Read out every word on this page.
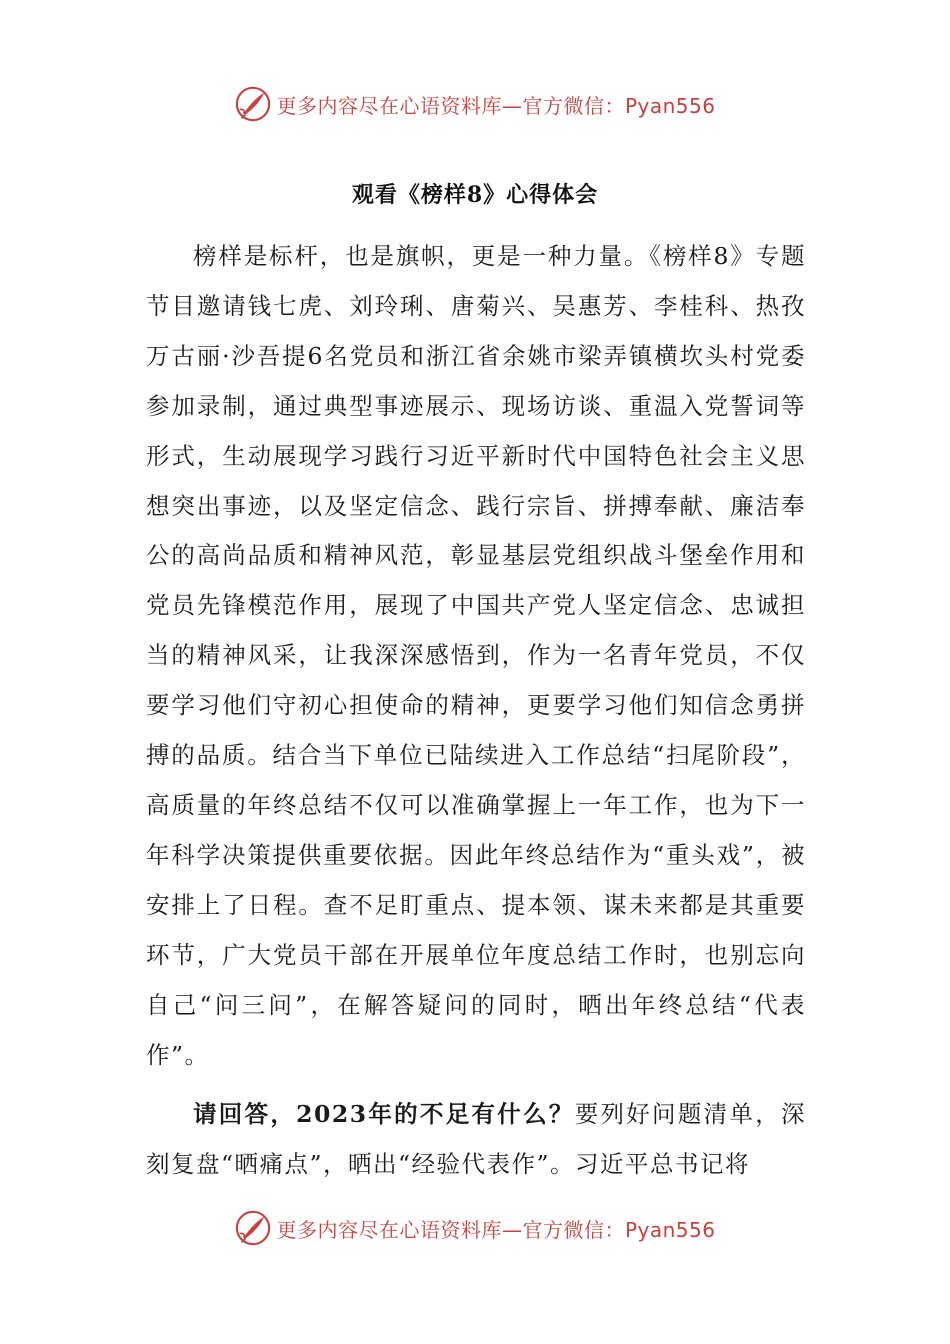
更多内容尽在心语资料库—官方微信：Pyan556
观看《榜样8》心得体会

榜样是标杆，也是旗帜，更是一种力量。《榜样8》专题节目邀请钱七虎、刘玲琍、唐菊兴、吴惠芳、李桂科、热孜万古丽·沙吾提6名党员和浙江省余姚市梁弄镇横坎头村党委参加录制，通过典型事迹展示、现场访谈、重温入党誓词等形式，生动展现学习践行习近平新时代中国特色社会主义思想突出事迹，以及坚定信念、践行宗旨、拼搏奉献、廉洁奉公的高尚品质和精神风范，彰显基层党组织战斗堡垒作用和党员先锋模范作用，展现了中国共产党人坚定信念、忠诚担当的精神风采，让我深深感悟到，作为一名青年党员，不仅要学习他们守初心担使命的精神，更要学习他们知信念勇拼搏的品质。结合当下单位已陆续进入工作总结“扫尾阶段”，高质量的年终总结不仅可以准确掌握上一年工作，也为下一年科学决策提供重要依据。因此年终总结作为“重头戏”，被安排上了日程。查不足盯重点、提本领、谋未来都是其重要环节，广大党员干部在开展单位年度总结工作时，也别忘向自己“问三问”，在解答疑问的同时，晒出年终总结“代表作”。

请回答，2023年的不足有什么？要列好问题清单，深刻复盘“晒痛点”，晒出“经验代表作”。习近平总书记将

更多内容尽在心语资料库—官方微信：Pyan556
